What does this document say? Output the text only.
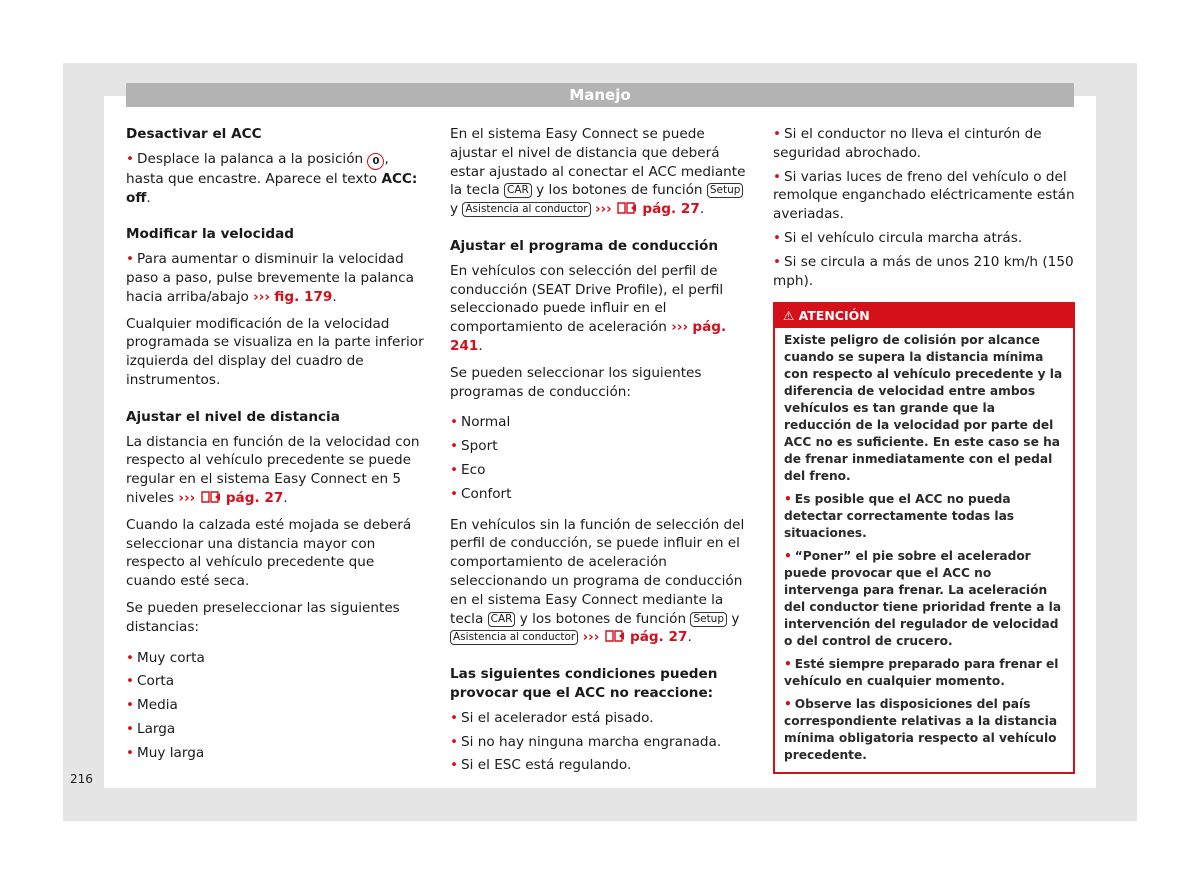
Manejo
216
Desactivar el ACC
• Desplace la palanca a la posición 0 , hasta que encastre. Aparece el texto ACC: off.
Modificar la velocidad
• Para aumentar o disminuir la velocidad paso a paso, pulse brevemente la palanca hacia arriba/abajo ››› fig. 179.
Cualquier modificación de la velocidad programada se visualiza en la parte inferior izquierda del display del cuadro de instrumentos.
Ajustar el nivel de distancia
La distancia en función de la velocidad con respecto al vehículo precedente se puede regular en el sistema Easy Connect en 5 niveles ››› pág. 27.
Cuando la calzada esté mojada se deberá seleccionar una distancia mayor con respecto al vehículo precedente que cuando esté seca.
Se pueden preseleccionar las siguientes distancias:
• Muy corta
• Corta
• Media
• Larga
• Muy larga
En el sistema Easy Connect se puede ajustar el nivel de distancia que deberá estar ajustado al conectar el ACC mediante la tecla CAR y los botones de función Setup y Asistencia al conductor ››› pág. 27.
Ajustar el programa de conducción
En vehículos con selección del perfil de conducción (SEAT Drive Profile), el perfil seleccionado puede influir en el comportamiento de aceleración ››› pág. 241.
Se pueden seleccionar los siguientes programas de conducción:
• Normal
• Sport
• Eco
• Confort
En vehículos sin la función de selección del perfil de conducción, se puede influir en el comportamiento de aceleración seleccionando un programa de conducción en el sistema Easy Connect mediante la tecla CAR y los botones de función Setup y Asistencia al conductor ››› pág. 27.
Las siguientes condiciones pueden provocar que el ACC no reaccione:
• Si el acelerador está pisado.
• Si no hay ninguna marcha engranada.
• Si el ESC está regulando.
• Si el conductor no lleva el cinturón de seguridad abrochado.
• Si varias luces de freno del vehículo o del remolque enganchado eléctricamente están averiadas.
• Si el vehículo circula marcha atrás.
• Si se circula a más de unos 210 km/h (150 mph).
⚠ ATENCIÓN
Existe peligro de colisión por alcance cuando se supera la distancia mínima con respecto al vehículo precedente y la diferencia de velocidad entre ambos vehículos es tan grande que la reducción de la velocidad por parte del ACC no es suficiente. En este caso se ha de frenar inmediatamente con el pedal del freno.
• Es posible que el ACC no pueda detectar correctamente todas las situaciones.
• “Poner” el pie sobre el acelerador puede provocar que el ACC no intervenga para frenar. La aceleración del conductor tiene prioridad frente a la intervención del regulador de velocidad o del control de crucero.
• Esté siempre preparado para frenar el vehículo en cualquier momento.
• Observe las disposiciones del país correspondiente relativas a la distancia mínima obligatoria respecto al vehículo precedente.
